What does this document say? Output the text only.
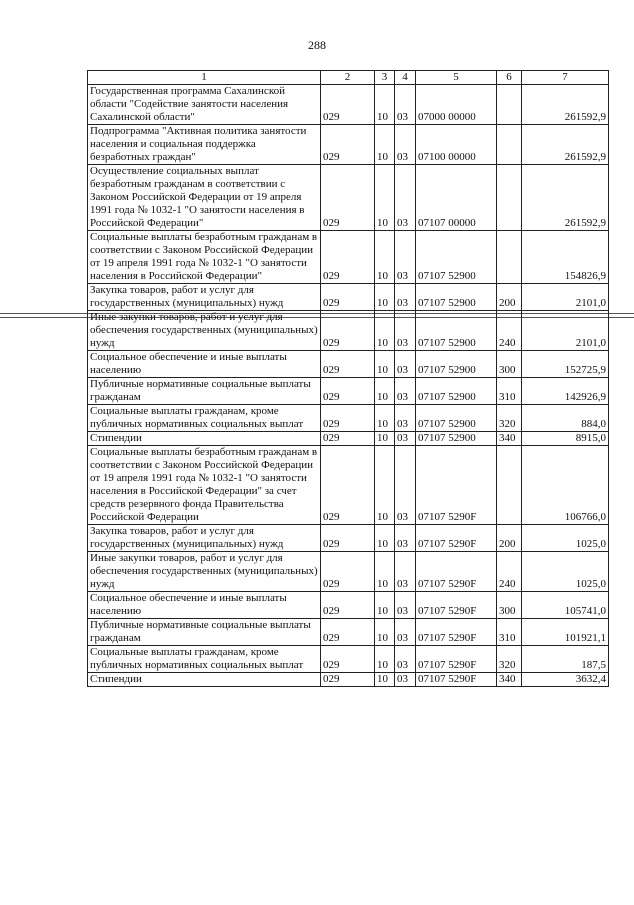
288
1	2	3	4	5	6	7
Государственная программа Сахалинской области "Содействие занятости населения Сахалинской области"	029	10	03	07000 00000		261592,9
Подпрограмма "Активная политика занятости населения и социальная поддержка безработных граждан"	029	10	03	07100 00000		261592,9
Осуществление социальных выплат безработным гражданам в соответствии с Законом Российской Федерации от 19 апреля 1991 года № 1032-1 "О занятости населения в Российской Федерации"	029	10	03	07107 00000		261592,9
Социальные выплаты безработным гражданам в соответствии с Законом Российской Федерации от 19 апреля 1991 года № 1032-1 "О занятости населения в Российской Федерации"	029	10	03	07107 52900		154826,9
Закупка товаров, работ и услуг для государственных (муниципальных) нужд	029	10	03	07107 52900	200	2101,0
Иные закупки товаров, работ и услуг для обеспечения государственных (муниципальных) нужд	029	10	03	07107 52900	240	2101,0
Социальное обеспечение и иные выплаты населению	029	10	03	07107 52900	300	152725,9
Публичные нормативные социальные выплаты гражданам	029	10	03	07107 52900	310	142926,9
Социальные выплаты гражданам, кроме публичных нормативных социальных выплат	029	10	03	07107 52900	320	884,0
Стипендии	029	10	03	07107 52900	340	8915,0
Социальные выплаты безработным гражданам в соответствии с Законом Российской Федерации от 19 апреля 1991 года № 1032-1 "О занятости населения в Российской Федерации" за счет средств резервного фонда Правительства Российской Федерации	029	10	03	07107 5290F		106766,0
Закупка товаров, работ и услуг для государственных (муниципальных) нужд	029	10	03	07107 5290F	200	1025,0
Иные закупки товаров, работ и услуг для обеспечения государственных (муниципальных) нужд	029	10	03	07107 5290F	240	1025,0
Социальное обеспечение и иные выплаты населению	029	10	03	07107 5290F	300	105741,0
Публичные нормативные социальные выплаты гражданам	029	10	03	07107 5290F	310	101921,1
Социальные выплаты гражданам, кроме публичных нормативных социальных выплат	029	10	03	07107 5290F	320	187,5
Стипендии	029	10	03	07107 5290F	340	3632,4
